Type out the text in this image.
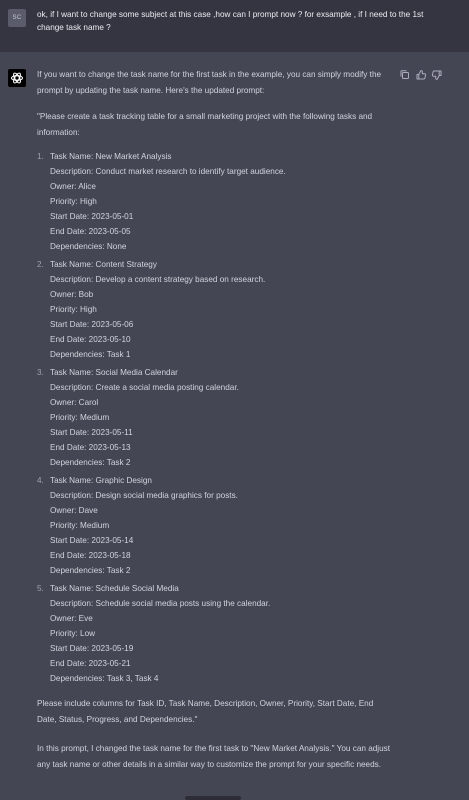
SC	ok, if I want to change some subject at this case ,how can I prompt now ? for exsample , if I need to the 1st change task name ?
If you want to change the task name for the first task in the example, you can simply modify the prompt by updating the task name. Here's the updated prompt:
"Please create a task tracking table for a small marketing project with the following tasks and information:
1. Task Name: New Market Analysis
Description: Conduct market research to identify target audience.
Owner: Alice
Priority: High
Start Date: 2023-05-01
End Date: 2023-05-05
Dependencies: None
2. Task Name: Content Strategy
Description: Develop a content strategy based on research.
Owner: Bob
Priority: High
Start Date: 2023-05-06
End Date: 2023-05-10
Dependencies: Task 1
3. Task Name: Social Media Calendar
Description: Create a social media posting calendar.
Owner: Carol
Priority: Medium
Start Date: 2023-05-11
End Date: 2023-05-13
Dependencies: Task 2
4. Task Name: Graphic Design
Description: Design social media graphics for posts.
Owner: Dave
Priority: Medium
Start Date: 2023-05-14
End Date: 2023-05-18
Dependencies: Task 2
5. Task Name: Schedule Social Media
Description: Schedule social media posts using the calendar.
Owner: Eve
Priority: Low
Start Date: 2023-05-19
End Date: 2023-05-21
Dependencies: Task 3, Task 4
Please include columns for Task ID, Task Name, Description, Owner, Priority, Start Date, End Date, Status, Progress, and Dependencies."
In this prompt, I changed the task name for the first task to "New Market Analysis." You can adjust any task name or other details in a similar way to customize the prompt for your specific needs.
